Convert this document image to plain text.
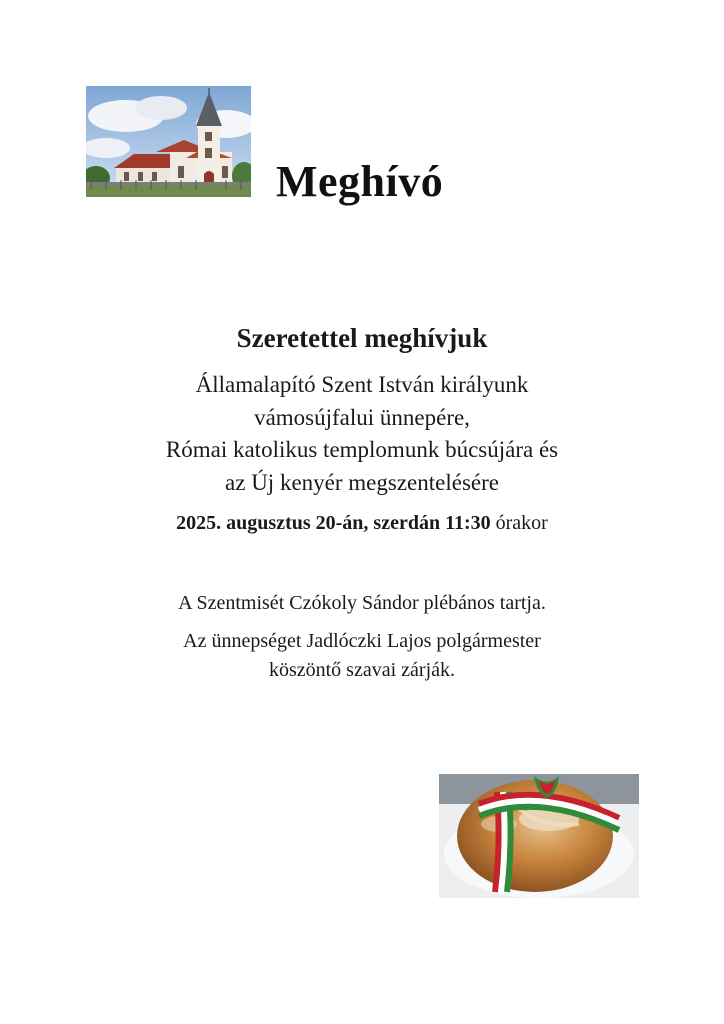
Meghívó
Szeretettel meghívjuk
Államalapító Szent István királyunk
vámosújfalui ünnepére,
Római katolikus templomunk búcsújára és
az Új kenyér megszentelésére
2025. augusztus 20-án, szerdán 11:30 órakor
A Szentmisét Czókoly Sándor plébános tartja.
Az ünnepséget Jadlóczki Lajos polgármester
köszöntő szavai zárják.
